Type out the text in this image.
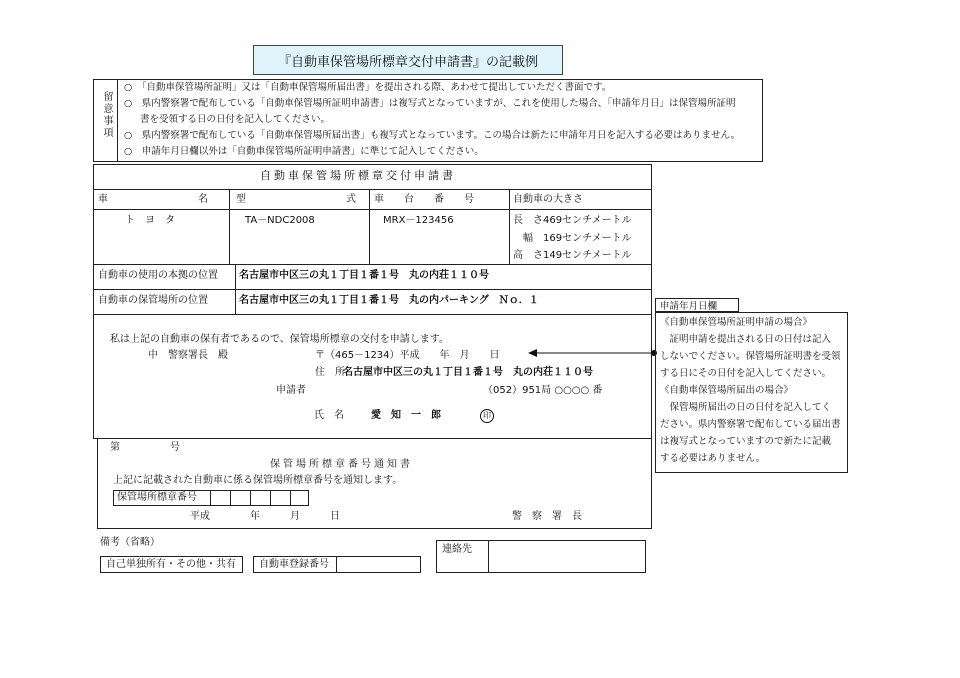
『自動車保管場所標章交付申請書』の記載例
留意事項
○　「自動車保管場所証明」又は「自動車保管場所届出書」を提出される際、あわせて提出していただく書面です。
○　県内警察署で配布している「自動車保管場所証明申請書」は複写式となっていますが、これを使用した場合、「申請年月日」は保管場所証明
書を受領する日の日付を記入してください。
○　県内警察署で配布している「自動車保管場所届出書」も複写式となっています。この場合は新たに申請年月日を記入する必要はありません。
○　申請年月日欄以外は「自動車保管場所証明申請書」に準じて記入してください。
自動車保管場所標章交付申請書
車　　　　　　　　　名	型　　　　　　　　　　式 車　　台　　番　　号	自動車の大きさ
ト　ヨ　タ	TA－NDC2008	MRX－123456	長　さ469センチメートル
幅　169センチメートル
高　さ149センチメートル
自動車の使用の本拠の位置 名古屋市中区三の丸１丁目１番１号　丸の内荘１１０号
自動車の保管場所の位置	名古屋市中区三の丸１丁目１番１号　丸の内パーキング　Ｎｏ．１
私は上記の自動車の保有者であるので、保管場所標章の交付を申請します。
中　警察署長　殿	〒（465－1234）平成　　年　月　　日
住　所
名古屋市中区三の丸１丁目１番１号　丸の内荘１１０号
申請者	（052）951局 ○○○○ 番
氏　名	愛　知　一　郎	印
申請年月日欄
《自動車保管場所証明申請の場合》
　証明申請を提出される日の日付は記入
しないでください。保管場所証明書を受領
する日にその日付を記入してください。
《自動車保管場所届出の場合》
　保管場所届出の日の日付を記入してく
ださい。県内警察署で配布している届出書
は複写式となっていますので新たに記載
する必要はありません。
第　　　　　号
保管場所標章番号通知書
上記に記載された自動車に係る保管場所標章番号を通知します。
保管場所標章番号
平成　　　　年　　　月　　　日	警　察　署　長
備考（省略）
自己単独所有・その他・共有 自動車登録番号
連絡先
